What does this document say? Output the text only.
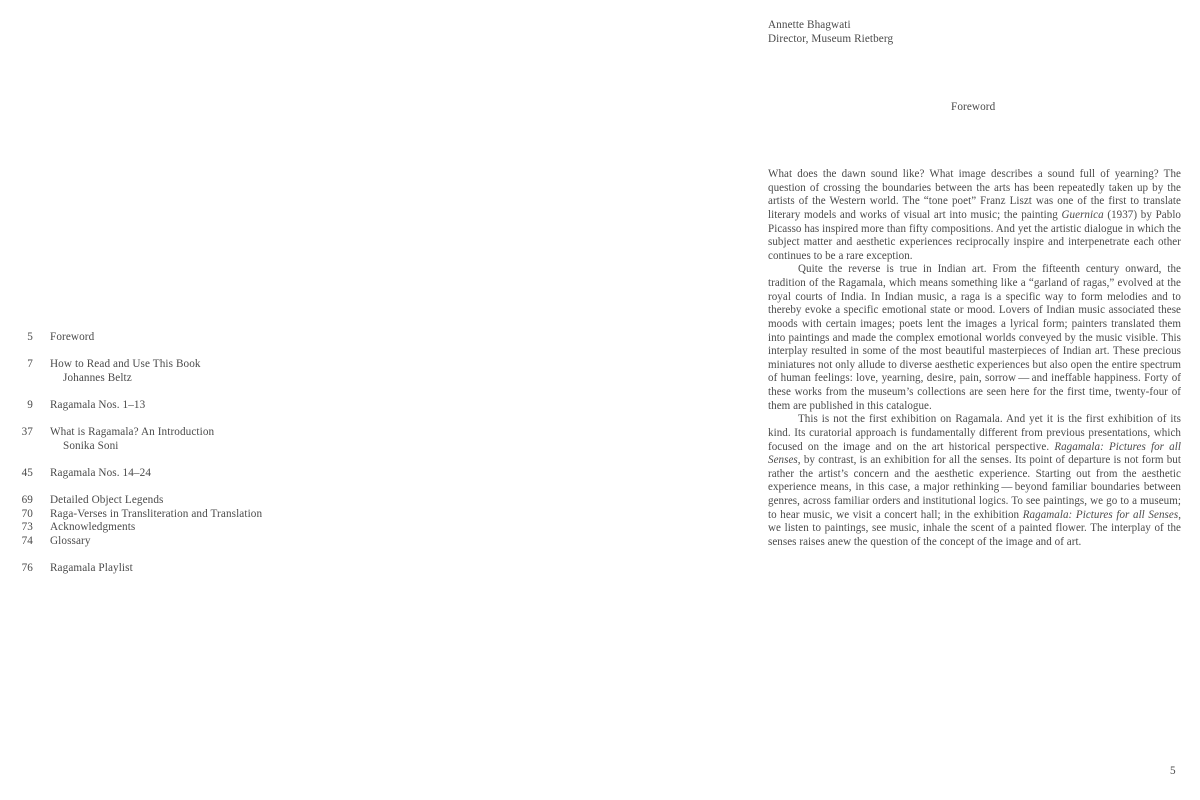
5	Foreword
7	How to Read and Use This Book
Johannes Beltz
9	Ragamala Nos. 1–13
37	What is Ragamala? An Introduction
Sonika Soni
45	Ragamala Nos. 14–24
69	Detailed Object Legends
70	Raga-Verses in Transliteration and Translation
73	Acknowledgments
74	Glossary
76	Ragamala Playlist
Annette Bhagwati
Director, Museum Rietberg
Foreword

What does the dawn sound like? What image describes a sound full of yearning? The question of crossing the boundaries between the arts has been repeatedly taken up by the artists of the Western world. The “tone poet” Franz Liszt was one of the first to translate literary models and works of visual art into music; the painting Guernica (1937) by Pablo Picasso has inspired more than fifty compositions. And yet the artistic dialogue in which the subject matter and aesthetic experiences reciprocally inspire and interpenetrate each other continues to be a rare exception.

Quite the reverse is true in Indian art. From the fifteenth century onward, the tradition of the Ragamala, which means something like a “garland of ragas,” evolved at the royal courts of India. In Indian music, a raga is a specific way to form melodies and to thereby evoke a specific emotional state or mood. Lovers of Indian music associated these moods with certain images; poets lent the images a lyrical form; painters translated them into paintings and made the complex emotional worlds conveyed by the music visible. This interplay resulted in some of the most beautiful masterpieces of Indian art. These precious miniatures not only allude to diverse aesthetic experiences but also open the entire spectrum of human feelings: love, yearning, desire, pain, sorrow — and ineffable happiness. Forty of these works from the museum’s collections are seen here for the first time, twenty-four of them are published in this catalogue.

This is not the first exhibition on Ragamala. And yet it is the first exhibition of its kind. Its curatorial approach is fundamentally different from previous presentations, which focused on the image and on the art historical perspective. Ragamala: Pictures for all Senses, by contrast, is an exhibition for all the senses. Its point of departure is not form but rather the artist’s concern and the aesthetic experience. Starting out from the aesthetic experience means, in this case, a major rethinking — beyond familiar boundaries between genres, across familiar orders and institutional logics. To see paintings, we go to a museum; to hear music, we visit a concert hall; in the exhibition Ragamala: Pictures for all Senses, we listen to paintings, see music, inhale the scent of a painted flower. The interplay of the senses raises anew the question of the concept of the image and of art.

5
